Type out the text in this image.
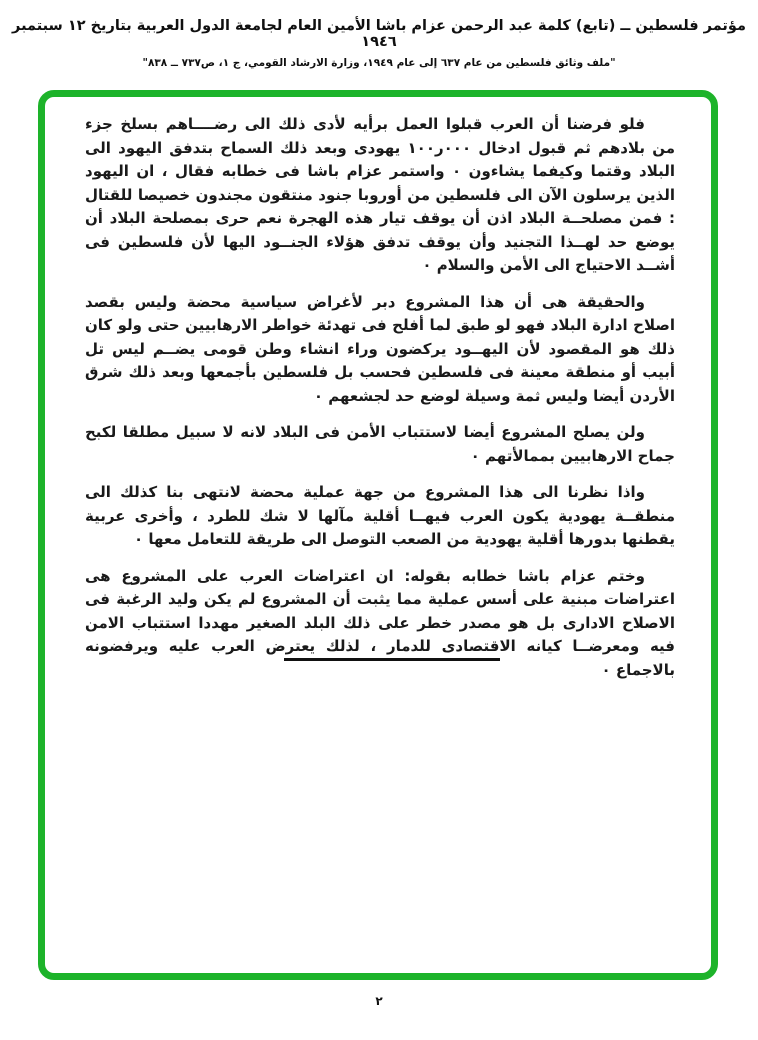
مؤتمر فلسطين ــ (تابع) كلمة عبد الرحمن عزام باشا الأمين العام لجامعة الدول العربية بتاريخ ١٢ سبتمبر ١٩٤٦
"ملف وثائق فلسطين من عام ٦٣٧ إلى عام ١٩٤٩، وزارة الارشاد القومي، ج ١، ص٧٣٧ ــ ٨٣٨"

فلو فرضنا أن العرب قبلوا العمل برأيه لأدى ذلك الى رضــــاهم بسلخ جزء من بلادهم ثم قبول ادخال ٠٠٠ر١٠٠ يهودى وبعد ذلك السماح بتدفق اليهود الى البلاد وقتما وكيفما يشاءون ٠ واستمر عزام باشا فى خطابه فقال ، ان اليهود الذين يرسلون الآن الى فلسطين من أوروبا جنود منتقون مجندون خصيصا للقتال : فمن مصلحــة البلاد اذن أن يوقف تيار هذه الهجرة نعم حرى بمصلحة البلاد أن يوضع حد لهــذا التجنيد وأن يوقف تدفق هؤلاء الجنــود اليها لأن فلسطين فى أشــد الاحتياج الى الأمن والسلام ٠

والحقيقة هى أن هذا المشروع دبر لأغراض سياسية محضة وليس بقصد اصلاح ادارة البلاد فهو لو طبق لما أفلح فى تهدئة خواطر الارهابيين حتى ولو كان ذلك هو المقصود لأن اليهــود يركضون وراء انشاء وطن قومى يضــم ليس تل أبيب أو منطقة معينة فى فلسطين فحسب بل فلسطين بأجمعها وبعد ذلك شرق الأردن أيضا وليس ثمة وسيلة لوضع حد لجشعهم ٠

ولن يصلح المشروع أيضا لاستتباب الأمن فى البلاد لانه لا سبيل مطلقا لكبح جماح الارهابيين بممالأتهم ٠

واذا نظرنا الى هذا المشروع من جهة عملية محضة لانتهى بنا كذلك الى منطقــة يهودية يكون العرب فيهــا أقلية مآلها لا شك للطرد ، وأخرى عربية يقطنها بدورها أقلية يهودية من الصعب التوصل الى طريقة للتعامل معها ٠

وختم عزام باشا خطابه بقوله: ان اعتراضات العرب على المشروع هى اعتراضات مبنية على أسس عملية مما يثبت أن المشروع لم يكن وليد الرغبة فى الاصلاح الادارى بل هو مصدر خطر على ذلك البلد الصغير مهددا استتباب الامن فيه ومعرضــا كيانه الاقتصادى للدمار ، لذلك يعترض العرب عليه ويرفضونه بالاجماع ٠

٢
